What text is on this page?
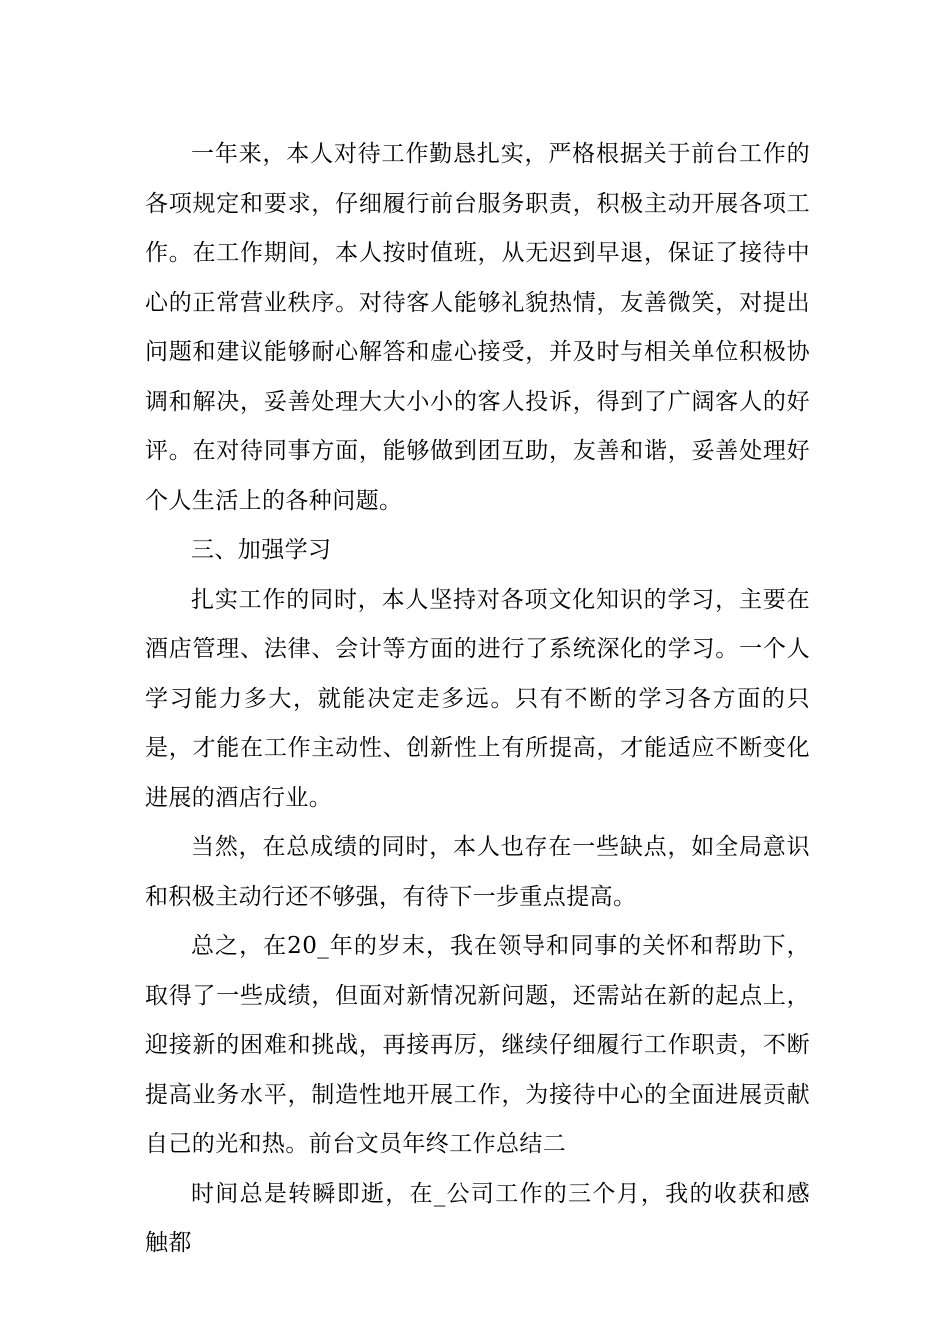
一年来，本人对待工作勤恳扎实，严格根据关于前台工作的各项规定和要求，仔细履行前台服务职责，积极主动开展各项工作。在工作期间，本人按时值班，从无迟到早退，保证了接待中心的正常营业秩序。对待客人能够礼貌热情，友善微笑，对提出问题和建议能够耐心解答和虚心接受，并及时与相关单位积极协调和解决，妥善处理大大小小的客人投诉，得到了广阔客人的好评。在对待同事方面，能够做到团互助，友善和谐，妥善处理好个人生活上的各种问题。

三、加强学习

扎实工作的同时，本人坚持对各项文化知识的学习，主要在酒店管理、法律、会计等方面的进行了系统深化的学习。一个人学习能力多大，就能决定走多远。只有不断的学习各方面的只是，才能在工作主动性、创新性上有所提高，才能适应不断变化进展的酒店行业。

当然，在总成绩的同时，本人也存在一些缺点，如全局意识和积极主动行还不够强，有待下一步重点提高。

总之，在20_年的岁末，我在领导和同事的关怀和帮助下，取得了一些成绩，但面对新情况新问题，还需站在新的起点上，迎接新的困难和挑战，再接再厉，继续仔细履行工作职责，不断提高业务水平，制造性地开展工作，为接待中心的全面进展贡献自己的光和热。前台文员年终工作总结二

时间总是转瞬即逝，在_公司工作的三个月，我的收获和感触都
